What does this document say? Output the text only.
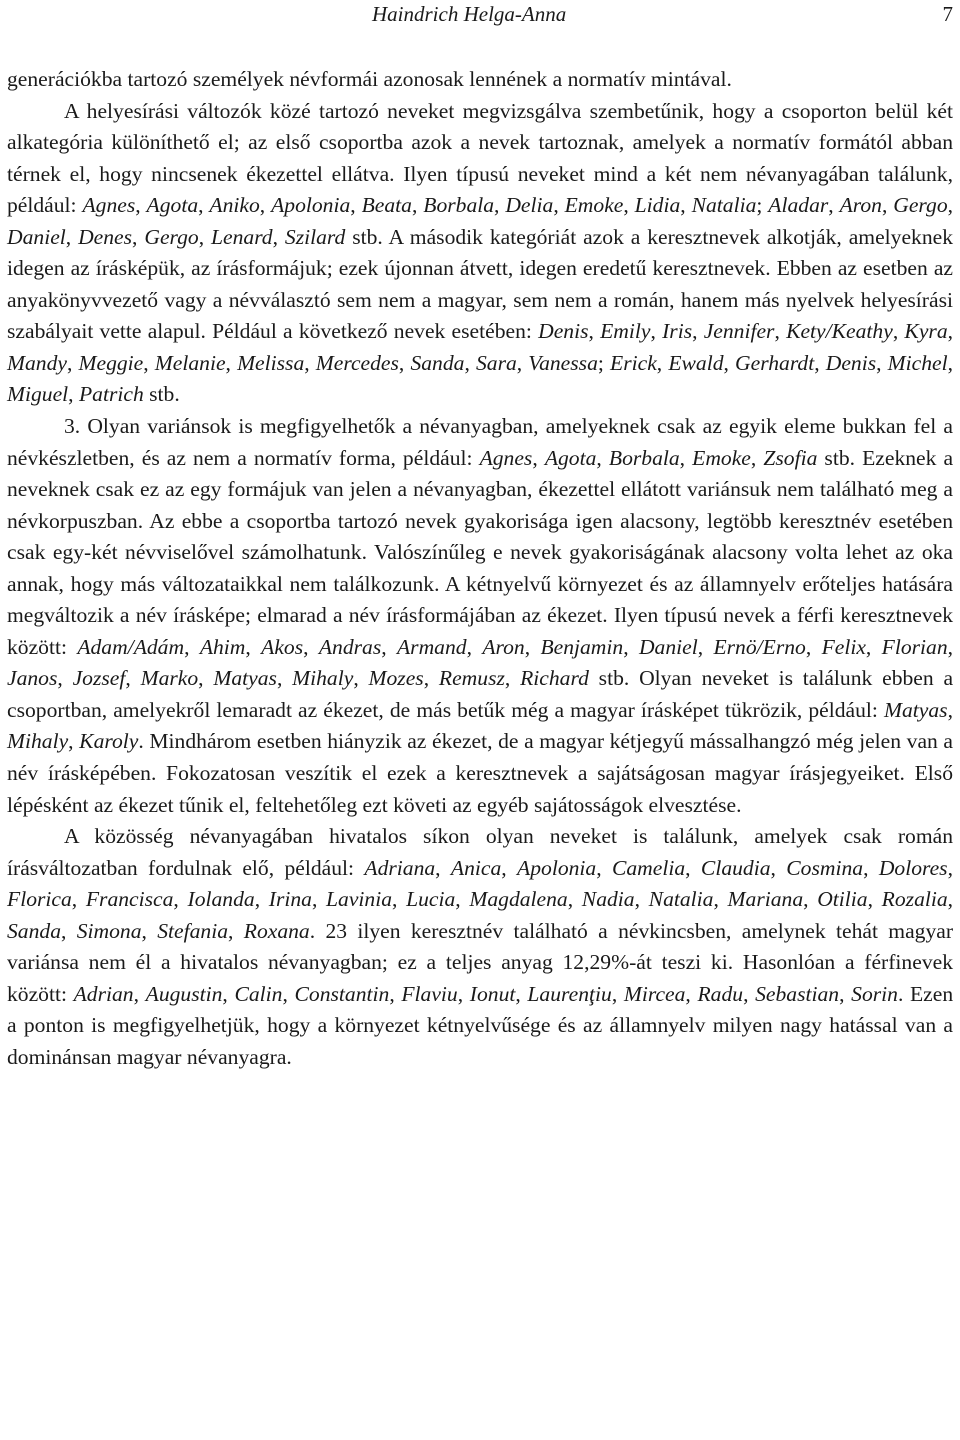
Haindrich Helga-Anna	7

generációkba tartozó személyek névformái azonosak lennének a normatív mintával.

A helyesírási változók közé tartozó neveket megvizsgálva szembetűnik, hogy a csoporton belül két alkategória különíthető el; az első csoportba azok a nevek tartoznak, amelyek a normatív formától abban térnek el, hogy nincsenek ékezettel ellátva. Ilyen típusú neveket mind a két nem névanyagában találunk, például: Agnes, Agota, Aniko, Apolonia, Beata, Borbala, Delia, Emoke, Lidia, Natalia; Aladar, Aron, Gergo, Daniel, Denes, Gergo, Lenard, Szilard stb. A második kategóriát azok a keresztnevek alkotják, amelyeknek idegen az írásképük, az írásformájuk; ezek újonnan átvett, idegen eredetű keresztnevek. Ebben az esetben az anyakönyvvezető vagy a névválasztó sem nem a magyar, sem nem a román, hanem más nyelvek helyesírási szabályait vette alapul. Például a következő nevek esetében: Denis, Emily, Iris, Jennifer, Kety/Keathy, Kyra, Mandy, Meggie, Melanie, Melissa, Mercedes, Sanda, Sara, Vanessa; Erick, Ewald, Gerhardt, Denis, Michel, Miguel, Patrich stb.

3. Olyan variánsok is megfigyelhetők a névanyagban, amelyeknek csak az egyik eleme bukkan fel a névkészletben, és az nem a normatív forma, például: Agnes, Agota, Borbala, Emoke, Zsofia stb. Ezeknek a neveknek csak ez az egy formájuk van jelen a névanyagban, ékezettel ellátott variánsuk nem található meg a névkorpuszban. Az ebbe a csoportba tartozó nevek gyakorisága igen alacsony, legtöbb keresztnév esetében csak egy-két névviselővel számolhatunk. Valószínűleg e nevek gyakoriságának alacsony volta lehet az oka annak, hogy más változataikkal nem találkozunk. A kétnyelvű környezet és az államnyelv erőteljes hatására megváltozik a név írásképe; elmarad a név írásformájában az ékezet. Ilyen típusú nevek a férfi keresztnevek között: Adam/Adám, Ahim, Akos, Andras, Armand, Aron, Benjamin, Daniel, Ernö/Erno, Felix, Florian, Janos, Jozsef, Marko, Matyas, Mihaly, Mozes, Remusz, Richard stb. Olyan neveket is találunk ebben a csoportban, amelyekről lemaradt az ékezet, de más betűk még a magyar írásképet tükrözik, például: Matyas, Mihaly, Karoly. Mindhárom esetben hiányzik az ékezet, de a magyar kétjegyű mássalhangzó még jelen van a név írásképében. Fokozatosan veszítik el ezek a keresztnevek a sajátságosan magyar írásjegyeiket. Első lépésként az ékezet tűnik el, feltehetőleg ezt követi az egyéb sajátosságok elvesztése.

A közösség névanyagában hivatalos síkon olyan neveket is találunk, amelyek csak román írásváltozatban fordulnak elő, például: Adriana, Anica, Apolonia, Camelia, Claudia, Cosmina, Dolores, Florica, Francisca, Iolanda, Irina, Lavinia, Lucia, Magdalena, Nadia, Natalia, Mariana, Otilia, Rozalia, Sanda, Simona, Stefania, Roxana. 23 ilyen keresztnév található a névkincsben, amelynek tehát magyar variánsa nem él a hivatalos névanyagban; ez a teljes anyag 12,29%-át teszi ki. Hasonlóan a férfinevek között: Adrian, Augustin, Calin, Constantin, Flaviu, Ionut, Laurenţiu, Mircea, Radu, Sebastian, Sorin. Ezen a ponton is megfigyelhetjük, hogy a környezet kétnyelvűsége és az államnyelv milyen nagy hatással van a dominánsan magyar névanyagra.
